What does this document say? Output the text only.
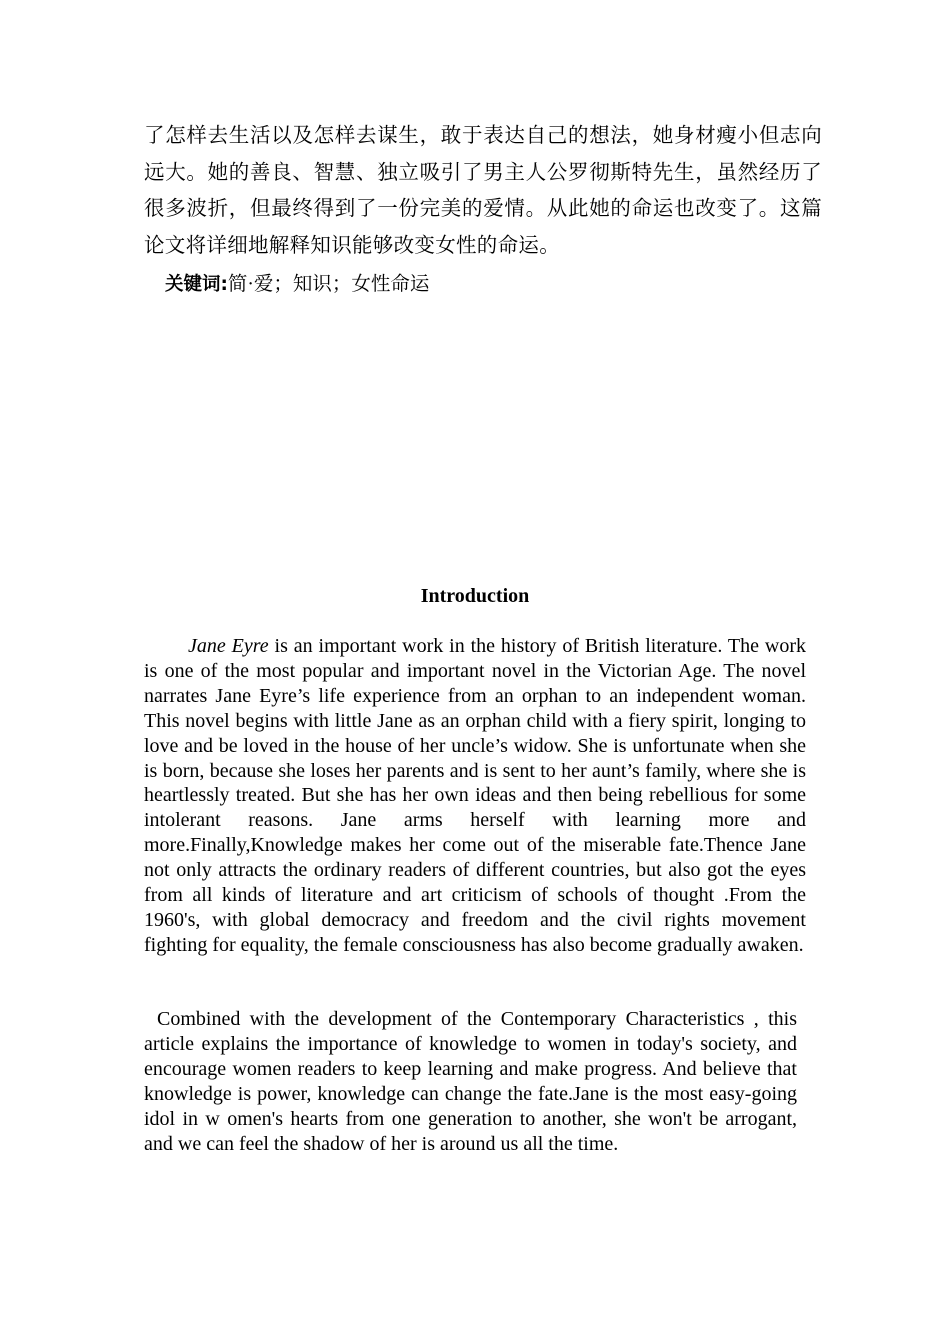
了怎样去生活以及怎样去谋生，敢于表达自己的想法，她身材瘦小但志向远大。她的善良、智慧、独立吸引了男主人公罗彻斯特先生，虽然经历了很多波折，但最终得到了一份完美的爱情。从此她的命运也改变了。这篇论文将详细地解释知识能够改变女性的命运。

关键词:简·爱；知识；女性命运

Introduction

Jane Eyre is an important work in the history of British literature. The work is one of the most popular and important novel in the Victorian Age. The novel narrates Jane Eyre’s life experience from an orphan to an independent woman. This novel begins with little Jane as an orphan child with a fiery spirit, longing to love and be loved in the house of her uncle’s widow. She is unfortunate when she is born, because she loses her parents and is sent to her aunt’s family, where she is heartlessly treated. But she has her own ideas and then being rebellious for some intolerant reasons. Jane arms herself with learning more and more.Finally,Knowledge makes her come out of the miserable fate.Thence Jane not only attracts the ordinary readers of different countries, but also got the eyes from all kinds of literature and art criticism of schools of thought .From the 1960's, with global democracy and freedom and the civil rights movement fighting for equality, the female consciousness has also become gradually awaken.

Combined with the development of the Contemporary Characteristics , this article explains the importance of knowledge to women in today's society, and encourage women readers to keep learning and make progress. And believe that knowledge is power, knowledge can change the fate.Jane is the most easy-going idol in w omen's hearts from one generation to another, she won't be arrogant, and we can feel the shadow of her is around us all the time.
